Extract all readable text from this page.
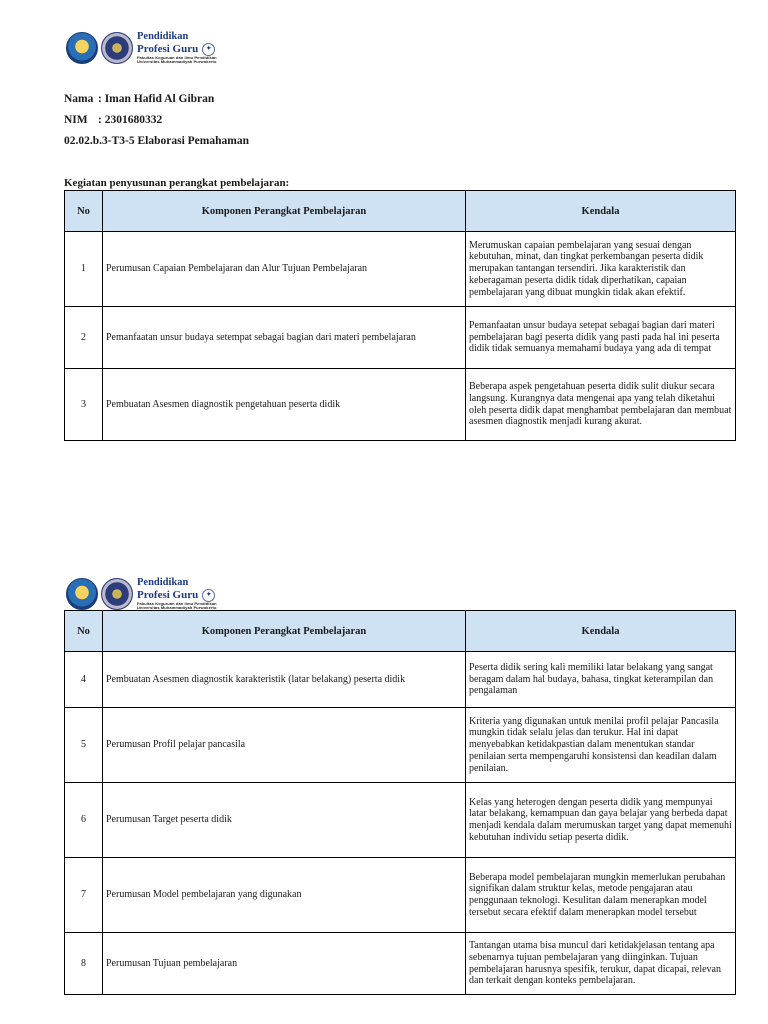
Pendidikan
Profesi Guru	✦
Fakultas Keguruan dan Ilmu Pendidikan
Universitas Muhammadiyah Purwokerto
Nama : Iman Hafid Al Gibran
NIM : 2301680332
02.02.b.3-T3-5 Elaborasi Pemahaman
Kegiatan penyusunan perangkat pembelajaran:
No	Komponen Perangkat Pembelajaran	Kendala
1	Perumusan Capaian Pembelajaran dan Alur Tujuan Pembelajaran	Merumuskan capaian pembelajaran yang sesuai dengan kebutuhan, minat, dan tingkat perkembangan peserta didik merupakan tantangan tersendiri. Jika karakteristik dan keberagaman peserta didik tidak diperhatikan, capaian pembelajaran yang dibuat mungkin tidak akan efektif.
2	Pemanfaatan unsur budaya setempat sebagai bagian dari materi pembelajaran	Pemanfaatan unsur budaya setepat sebagai bagian dari materi pembelajaran bagi peserta didik yang pasti pada hal ini peserta didik tidak semuanya memahami budaya yang ada di tempat
3	Pembuatan Asesmen diagnostik pengetahuan peserta didik	Beberapa aspek pengetahuan peserta didik sulit diukur secara langsung. Kurangnya data mengenai apa yang telah diketahui oleh peserta didik dapat menghambat pembelajaran dan membuat asesmen diagnostik menjadi kurang akurat.
Pendidikan
Profesi Guru	✦
Fakultas Keguruan dan Ilmu Pendidikan
Universitas Muhammadiyah Purwokerto
No	Komponen Perangkat Pembelajaran	Kendala
4	Pembuatan Asesmen diagnostik karakteristik (latar belakang) peserta didik	Peserta didik sering kali memiliki latar belakang yang sangat beragam dalam hal budaya, bahasa, tingkat keterampilan dan pengalaman
5	Perumusan Profil pelajar pancasila	Kriteria yang digunakan untuk menilai profil pelajar Pancasila mungkin tidak selalu jelas dan terukur. Hal ini dapat menyebabkan ketidakpastian dalam menentukan standar penilaian serta mempengaruhi konsistensi dan keadilan dalam penilaian.
6	Perumusan Target peserta didik	Kelas yang heterogen dengan peserta didik yang mempunyai latar belakang, kemampuan dan gaya belajar yang berbeda dapat menjadi kendala dalam merumuskan target yang dapat memenuhi kebutuhan individu setiap peserta didik.
7	Perumusan Model pembelajaran yang digunakan	Beberapa model pembelajaran mungkin memerlukan perubahan signifikan dalam struktur kelas, metode pengajaran atau penggunaan teknologi. Kesulitan dalam menerapkan model tersebut secara efektif dalam menerapkan model tersebut
8	Perumusan Tujuan pembelajaran	Tantangan utama bisa muncul dari ketidakjelasan tentang apa sebenarnya tujuan pembelajaran yang diinginkan. Tujuan pembelajaran harusnya spesifik, terukur, dapat dicapai, relevan dan terkait dengan konteks pembelajaran.
